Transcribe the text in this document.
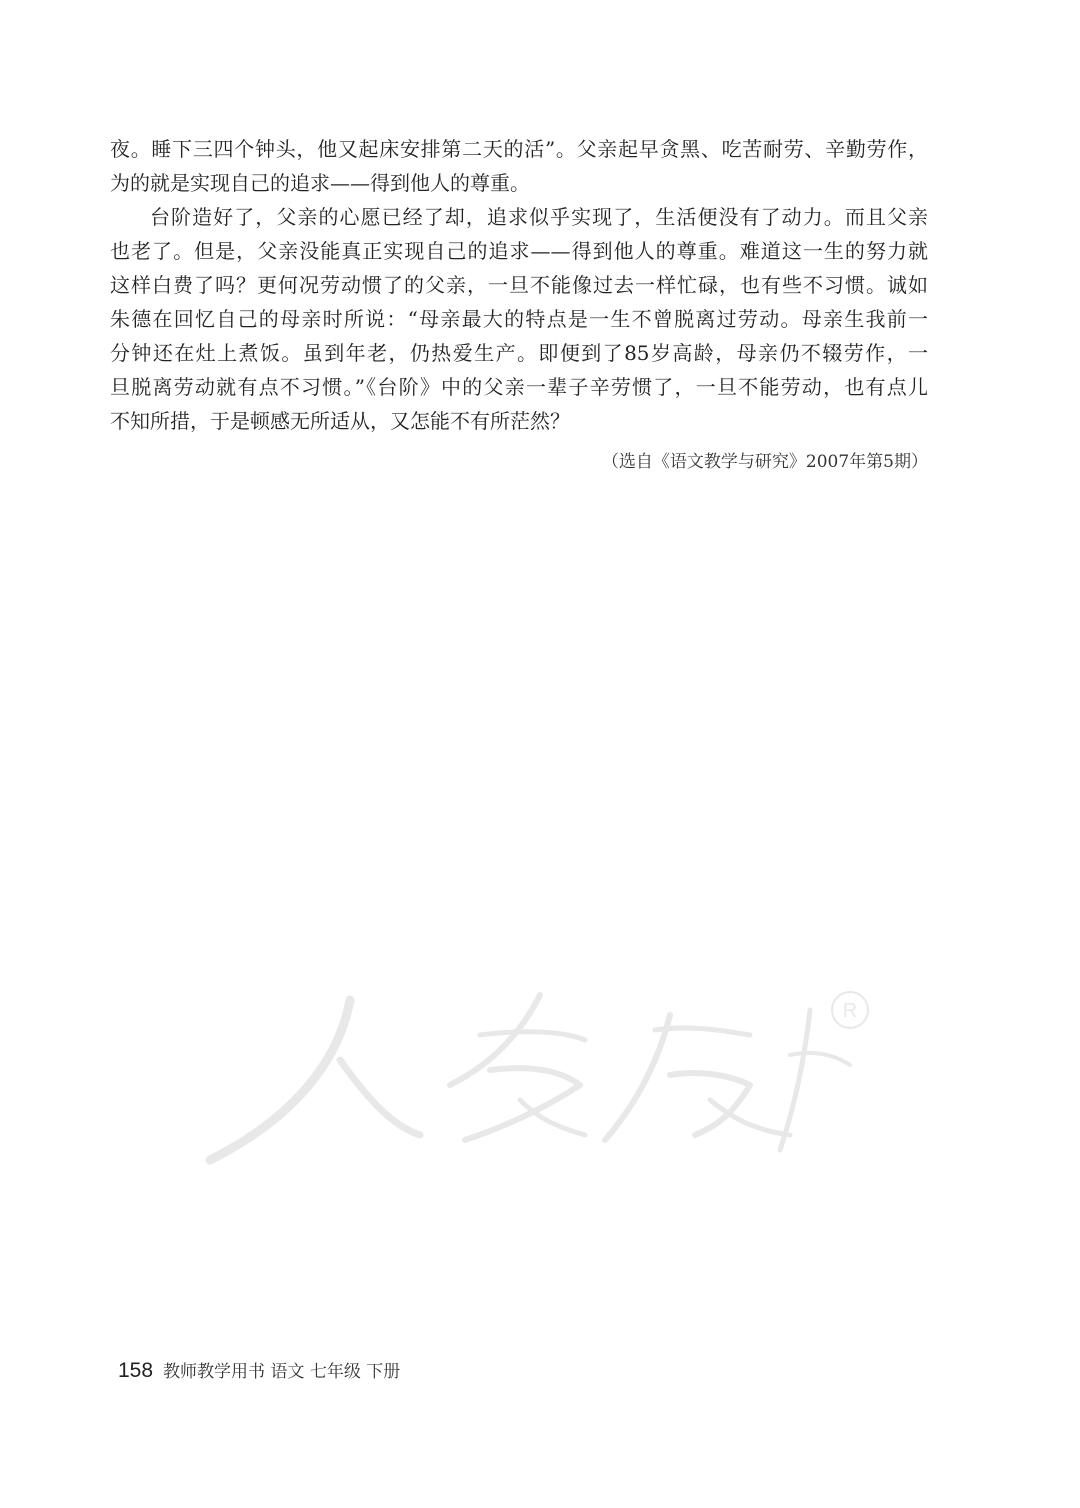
夜。睡下三四个钟头，他又起床安排第二天的活”。父亲起早贪黑、吃苦耐劳、辛勤劳作，
为的就是实现自己的追求——得到他人的尊重。
台阶造好了，父亲的心愿已经了却，追求似乎实现了，生活便没有了动力。而且父亲
也老了。但是，父亲没能真正实现自己的追求——得到他人的尊重。难道这一生的努力就
这样白费了吗？更何况劳动惯了的父亲，一旦不能像过去一样忙碌，也有些不习惯。诚如
朱德在回忆自己的母亲时所说：“母亲最大的特点是一生不曾脱离过劳动。母亲生我前一
分钟还在灶上煮饭。虽到年老，仍热爱生产。即便到了85岁高龄，母亲仍不辍劳作，一
旦脱离劳动就有点不习惯。”《台阶》中的父亲一辈子辛劳惯了，一旦不能劳动，也有点儿
不知所措，于是顿感无所适从，又怎能不有所茫然？
（选自《语文教学与研究》2007年第5期）
R
158 教师教学用书 语文 七年级 下册
